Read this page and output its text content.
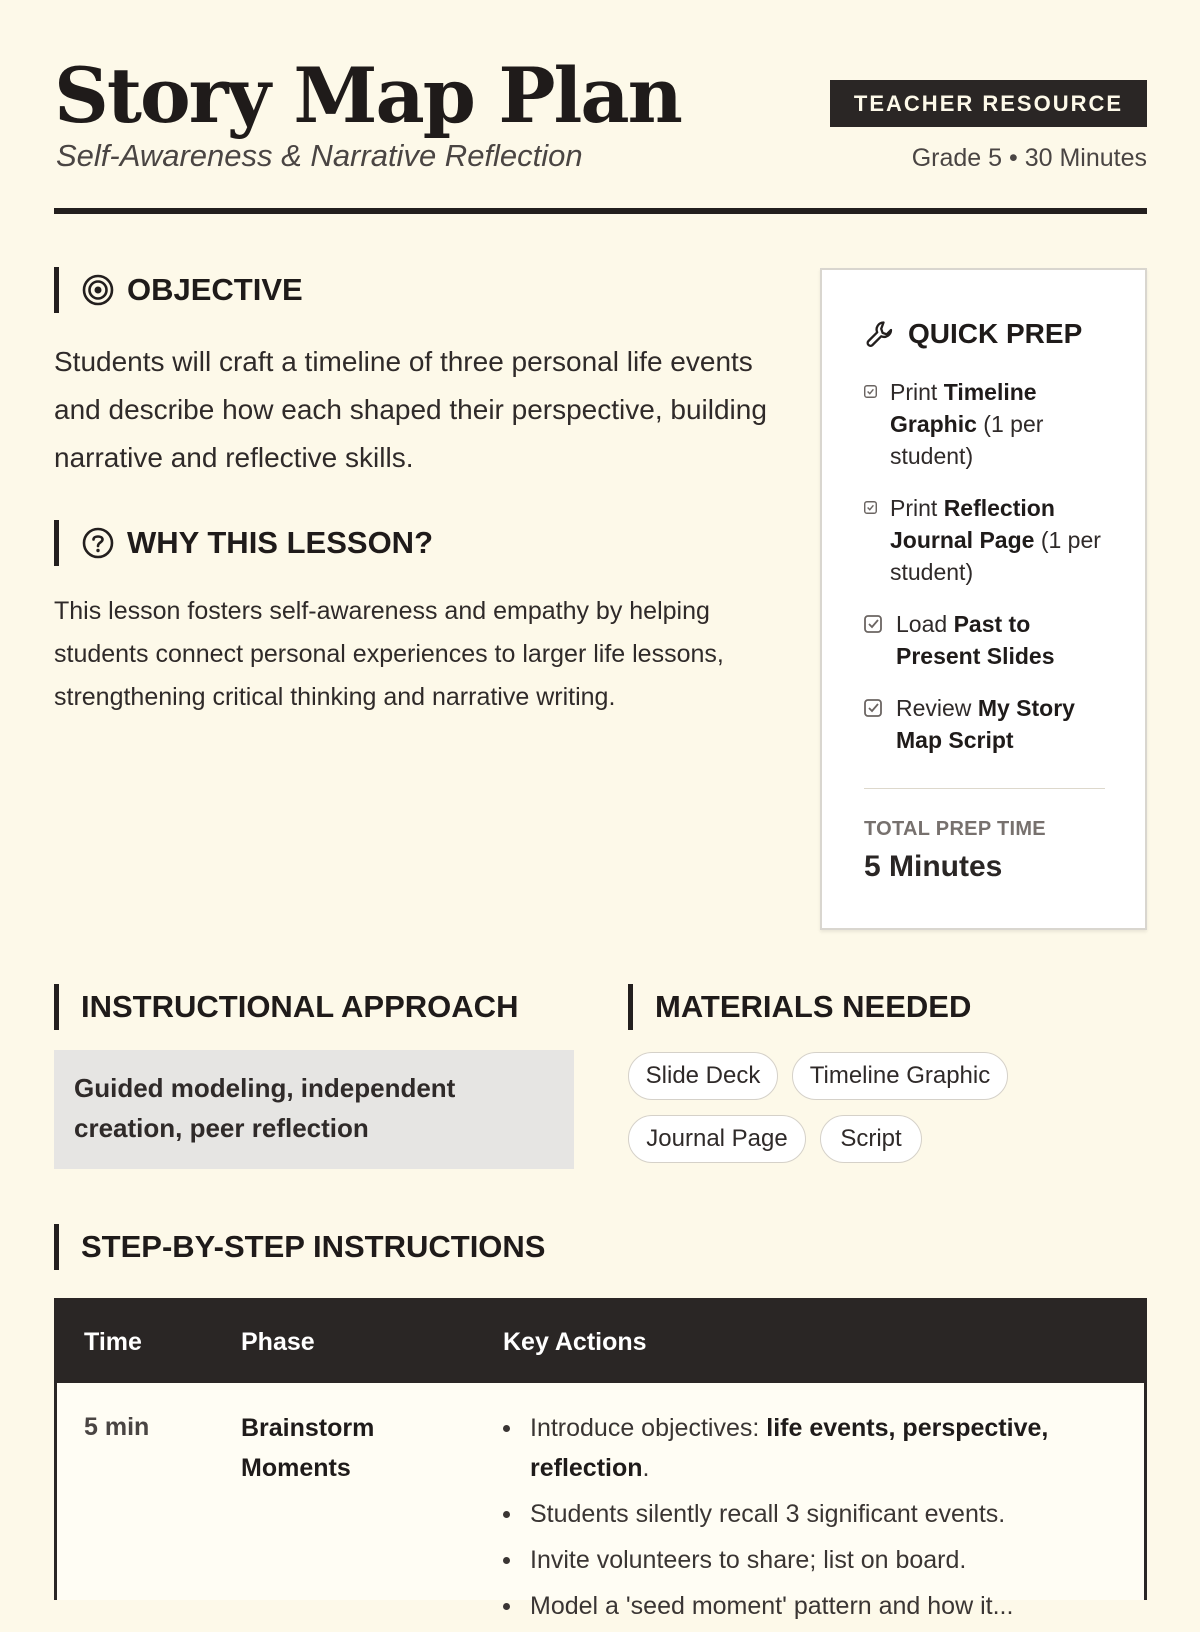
Story Map Plan
Self-Awareness & Narrative Reflection
TEACHER RESOURCE
Grade 5 • 30 Minutes
OBJECTIVE
Students will craft a timeline of three personal life events and describe how each shaped their perspective, building narrative and reflective skills.
WHY THIS LESSON?
This lesson fosters self-awareness and empathy by helping students connect personal experiences to larger life lessons, strengthening critical thinking and narrative writing.
QUICK PREP
Print Timeline Graphic (1 per student)
Print Reflection Journal Page (1 per student)
Load Past to Present Slides
Review My Story Map Script
TOTAL PREP TIME
5 Minutes
INSTRUCTIONAL APPROACH
Guided modeling, independent creation, peer reflection
MATERIALS NEEDED
Slide Deck	Timeline Graphic
Journal Page	Script
STEP-BY-STEP INSTRUCTIONS
Time	Phase	Key Actions
5 min	Brainstorm Moments
Introduce objectives: life events, perspective, reflection.
Students silently recall 3 significant events.
Invite volunteers to share; list on board.
Model a 'seed moment' pattern and how it...
